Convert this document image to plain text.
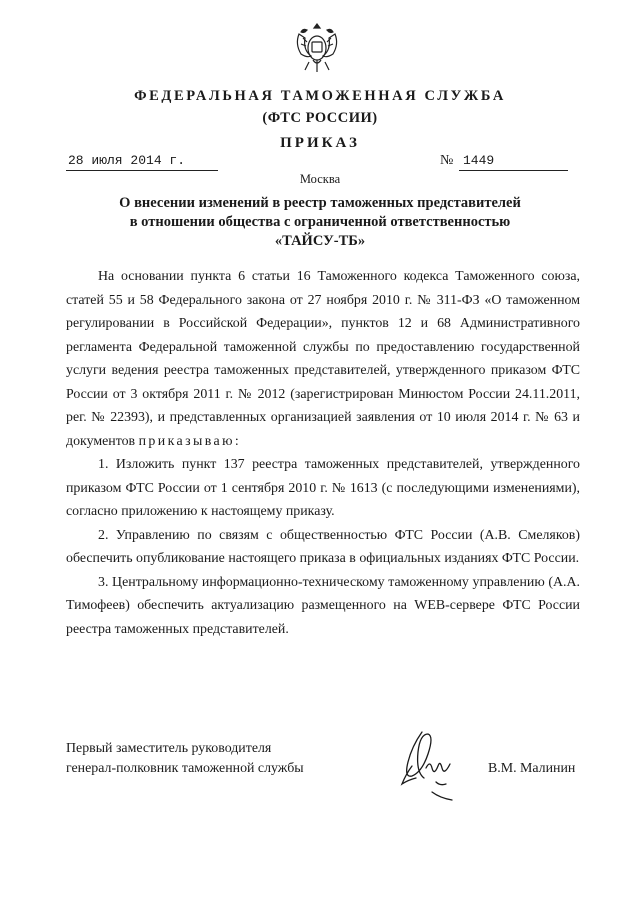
ФЕДЕРАЛЬНАЯ ТАМОЖЕННАЯ СЛУЖБА
(ФТС РОССИИ)
ПРИКАЗ
28 июля 2014 г.	№ 1449
Москва
О внесении изменений в реестр таможенных представителей
в отношении общества с ограниченной ответственностью
«ТАЙСУ-ТБ»

На основании пункта 6 статьи 16 Таможенного кодекса Таможенного союза, статей 55 и 58 Федерального закона от 27 ноября 2010 г. № 311-ФЗ «О таможенном регулировании в Российской Федерации», пунктов 12 и 68 Административного регламента Федеральной таможенной службы по предоставлению государственной услуги ведения реестра таможенных представителей, утвержденного приказом ФТС России от 3 октября 2011 г. № 2012 (зарегистрирован Минюстом России 24.11.2011, рег. № 22393), и представленных организацией заявления от 10 июля 2014 г. № 63 и документов приказываю:

1. Изложить пункт 137 реестра таможенных представителей, утвержденного приказом ФТС России от 1 сентября 2010 г. № 1613 (с последующими изменениями), согласно приложению к настоящему приказу.

2. Управлению по связям с общественностью ФТС России (А.В. Смеляков) обеспечить опубликование настоящего приказа в официальных изданиях ФТС России.

3. Центральному информационно-техническому таможенному управлению (А.А. Тимофеев) обеспечить актуализацию размещенного на WEB-сервере ФТС России реестра таможенных представителей.

Первый заместитель руководителя
генерал-полковник таможенной службы	В.М. Малинин
